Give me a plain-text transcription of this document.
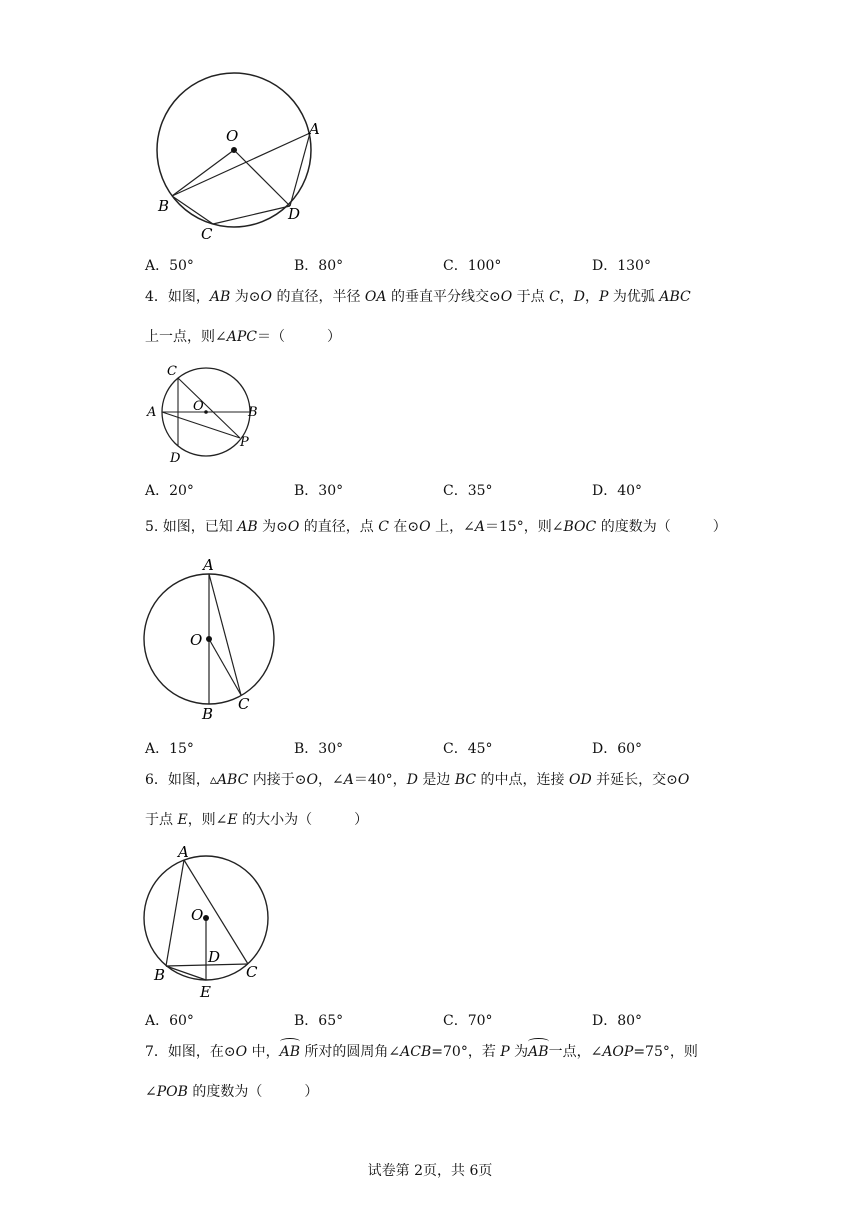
O	A
B
C
D
A．50°	B．80°	C．100°	D．130°
4．如图，AB 为⊙O 的直径，半径 OA 的垂直平分线交⊙O 于点 C，D，P 为优弧 ABC
上一点，则∠APC＝（　　　）
C
A	O	B
D
P
A．20°	B．30°	C．35°	D．40°
5. 如图，已知 AB 为⊙O 的直径，点 C 在⊙O 上，∠A＝15°，则∠BOC 的度数为（　　　）
A
O
B
C
A．15°	B．30°	C．45°	D．60°
6．如图，▵ABC 内接于⊙O，∠A＝40°，D 是边 BC 的中点，连接 OD 并延长，交⊙O
于点 E，则∠E 的大小为（　　　）
A
O
D
B	C
E
A．60°	B．65°	C．70°	D．80°
7．如图，在⊙O 中，AB 所对的圆周角∠ACB=70°，若 P 为AB一点，∠AOP=75°，则
∠POB 的度数为（　　　）
试卷第 2页，共 6页
